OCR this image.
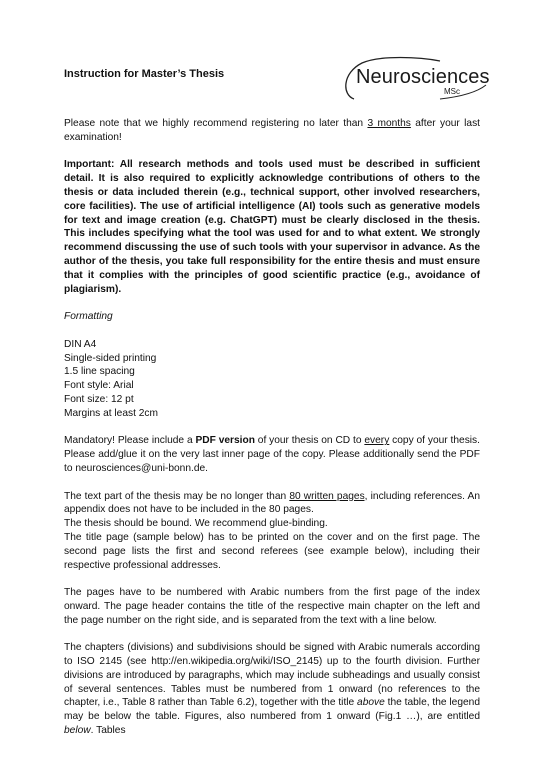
Instruction for Master’s Thesis	Neurosciences
MSc

Please note that we highly recommend registering no later than 3 months after your last examination!

Important: All research methods and tools used must be described in sufficient detail. It is also required to explicitly acknowledge contributions of others to the thesis or data included therein (e.g., technical support, other involved researchers, core facilities). The use of artificial intelligence (AI) tools such as generative models for text and image creation (e.g. ChatGPT) must be clearly disclosed in the thesis. This includes specifying what the tool was used for and to what extent. We strongly recommend discussing the use of such tools with your supervisor in advance. As the author of the thesis, you take full responsibility for the entire thesis and must ensure that it complies with the principles of good scientific practice (e.g., avoidance of plagiarism).

Formatting

DIN A4
Single-sided printing
1.5 line spacing
Font style: Arial
Font size: 12 pt
Margins at least 2cm

Mandatory! Please include a PDF version of your thesis on CD to every copy of your thesis. Please add/glue it on the very last inner page of the copy. Please additionally send the PDF to neurosciences@uni-bonn.de.

The text part of the thesis may be no longer than 80 written pages, including references. An appendix does not have to be included in the 80 pages.

The thesis should be bound. We recommend glue-binding.

The title page (sample below) has to be printed on the cover and on the first page. The second page lists the first and second referees (see example below), including their respective professional addresses.

The pages have to be numbered with Arabic numbers from the first page of the index onward. The page header contains the title of the respective main chapter on the left and the page number on the right side, and is separated from the text with a line below.

The chapters (divisions) and subdivisions should be signed with Arabic numerals according to ISO 2145 (see http://en.wikipedia.org/wiki/ISO_2145) up to the fourth division. Further divisions are introduced by paragraphs, which may include subheadings and usually consist of several sentences. Tables must be numbered from 1 onward (no references to the chapter, i.e., Table 8 rather than Table 6.2), together with the title above the table, the legend may be below the table. Figures, also numbered from 1 onward (Fig.1 …), are entitled below. Tables
